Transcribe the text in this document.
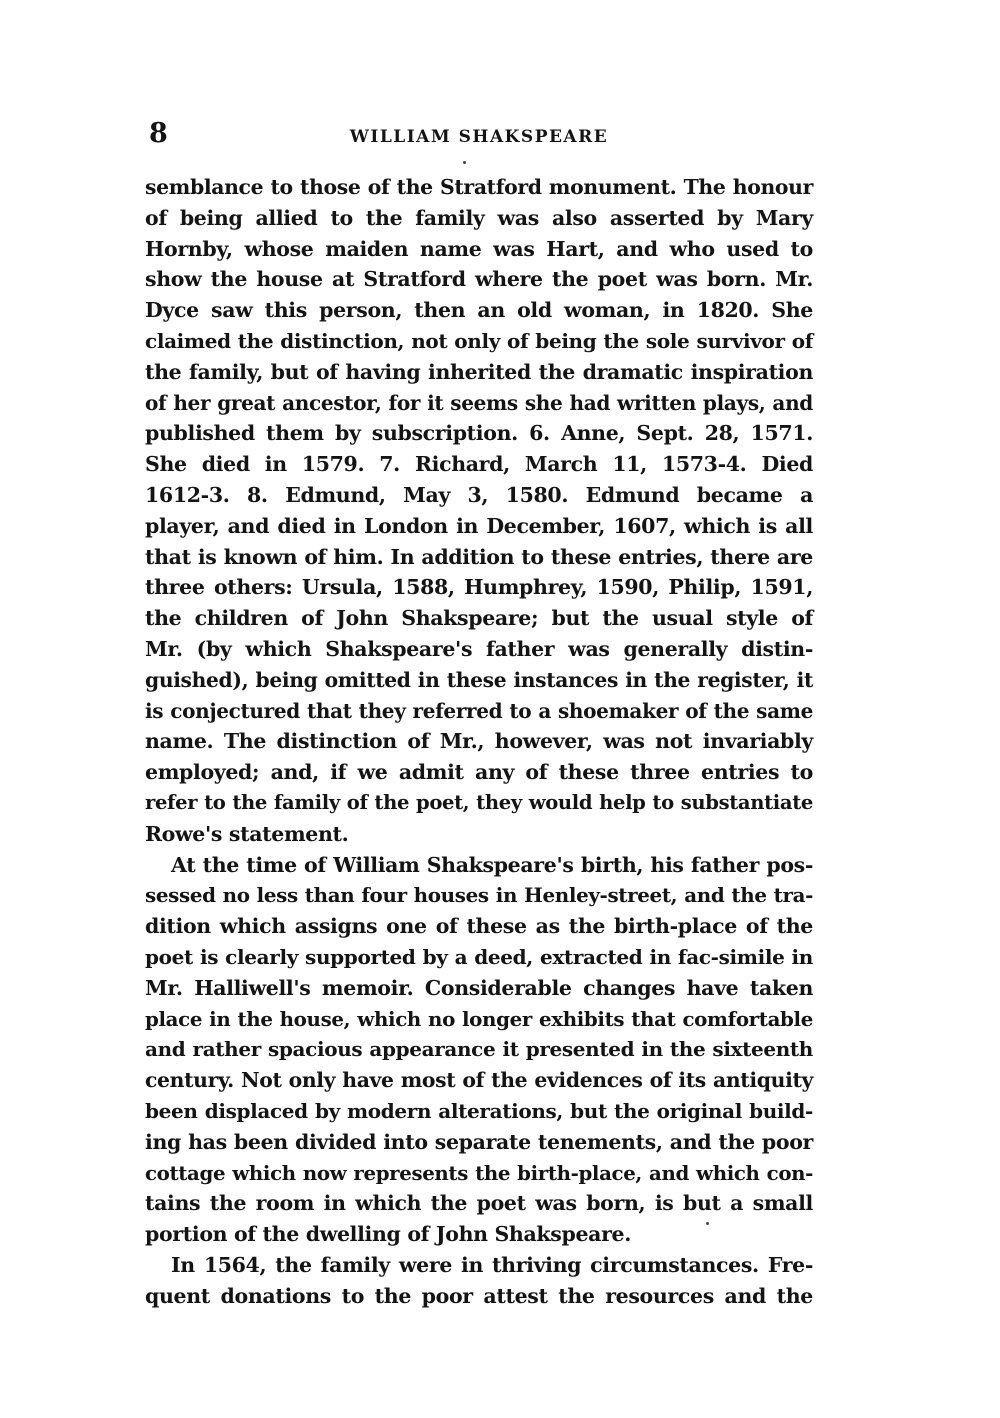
8	WILLIAM SHAKSPEARE
semblance to those of the Stratford monument. The honour
of being allied to the family was also asserted by Mary
Hornby, whose maiden name was Hart, and who used to
show the house at Stratford where the poet was born. Mr.
Dyce saw this person, then an old woman, in 1820. She
claimed the distinction, not only of being the sole survivor of
the family, but of having inherited the dramatic inspiration
of her great ancestor, for it seems she had written plays, and
published them by subscription. 6. Anne, Sept. 28, 1571.
She died in 1579. 7. Richard, March 11, 1573-4. Died
1612-3. 8. Edmund, May 3, 1580. Edmund became a
player, and died in London in December, 1607, which is all
that is known of him. In addition to these entries, there are
three others: Ursula, 1588, Humphrey, 1590, Philip, 1591,
the children of John Shakspeare; but the usual style of
Mr. (by which Shakspeare's father was generally distin-
guished), being omitted in these instances in the register, it
is conjectured that they referred to a shoemaker of the same
name. The distinction of Mr., however, was not invariably
employed; and, if we admit any of these three entries to
refer to the family of the poet, they would help to substantiate
Rowe's statement.
At the time of William Shakspeare's birth, his father pos-
sessed no less than four houses in Henley-street, and the tra-
dition which assigns one of these as the birth-place of the
poet is clearly supported by a deed, extracted in fac-simile in
Mr. Halliwell's memoir. Considerable changes have taken
place in the house, which no longer exhibits that comfortable
and rather spacious appearance it presented in the sixteenth
century. Not only have most of the evidences of its antiquity
been displaced by modern alterations, but the original build-
ing has been divided into separate tenements, and the poor
cottage which now represents the birth-place, and which con-
tains the room in which the poet was born, is but a small
portion of the dwelling of John Shakspeare.
In 1564, the family were in thriving circumstances. Fre-
quent donations to the poor attest the resources and the
